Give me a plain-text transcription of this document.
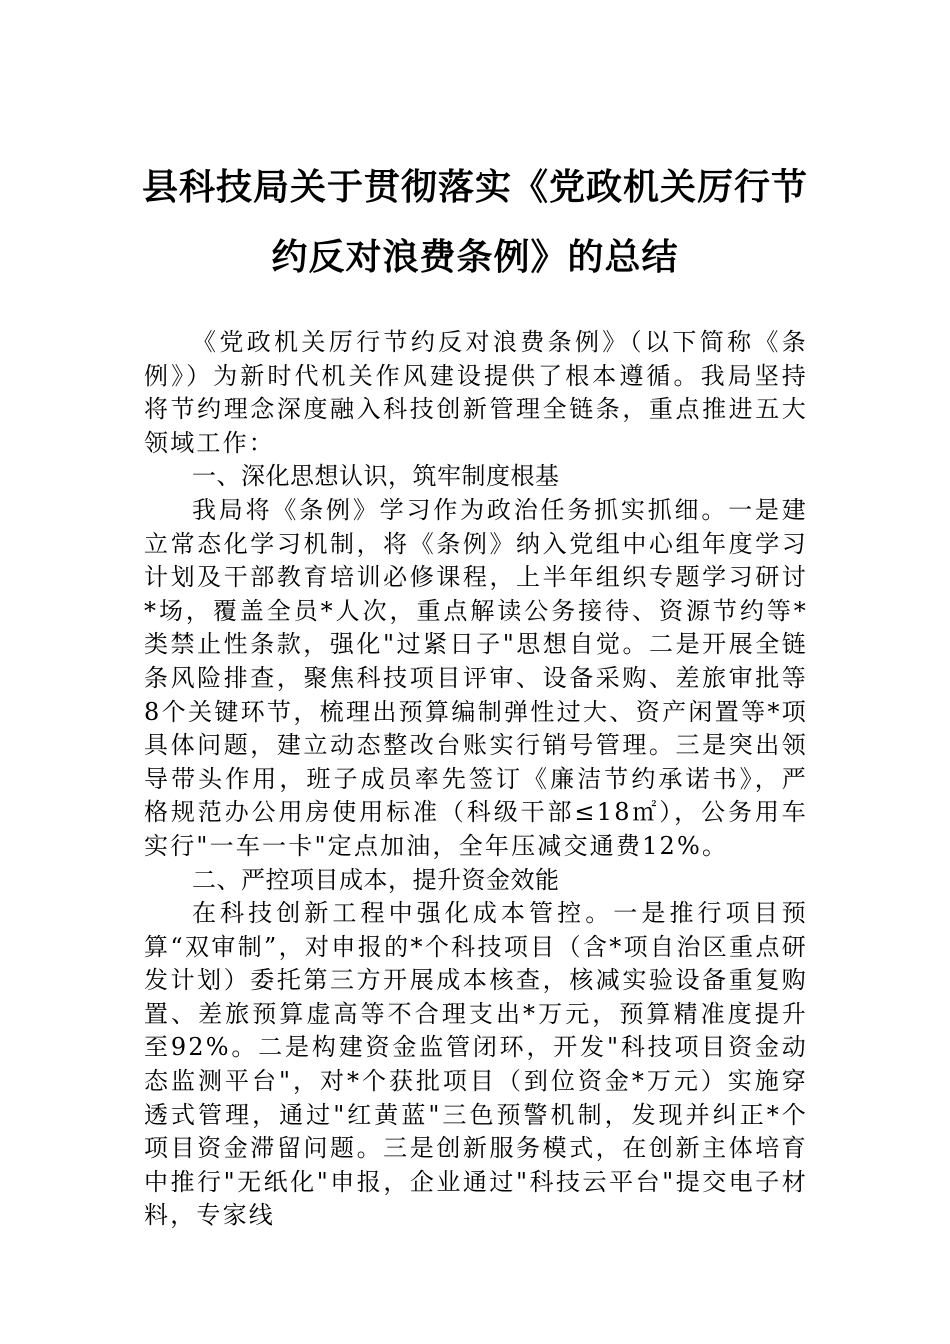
县科技局关于贯彻落实《党政机关厉行节
约反对浪费条例》的总结

《党政机关厉行节约反对浪费条例》（以下简称《条例》）为新时代机关作风建设提供了根本遵循。我局坚持将节约理念深度融入科技创新管理全链条，重点推进五大领域工作：

一、深化思想认识，筑牢制度根基

我局将《条例》学习作为政治任务抓实抓细。一是建立常态化学习机制，将《条例》纳入党组中心组年度学习计划及干部教育培训必修课程，上半年组织专题学习研讨*场，覆盖全员*人次，重点解读公务接待、资源节约等*类禁止性条款，强化"过紧日子"思想自觉。二是开展全链条风险排查，聚焦科技项目评审、设备采购、差旅审批等8个关键环节，梳理出预算编制弹性过大、资产闲置等*项具体问题，建立动态整改台账实行销号管理。三是突出领导带头作用，班子成员率先签订《廉洁节约承诺书》，严格规范办公用房使用标准（科级干部≤18㎡），公务用车实行"一车一卡"定点加油，全年压减交通费12%。

二、严控项目成本，提升资金效能

在科技创新工程中强化成本管控。一是推行项目预算“双审制”，对申报的*个科技项目（含*项自治区重点研发计划）委托第三方开展成本核查，核减实验设备重复购置、差旅预算虚高等不合理支出*万元，预算精准度提升至92%。二是构建资金监管闭环，开发"科技项目资金动态监测平台"，对*个获批项目（到位资金*万元）实施穿透式管理，通过"红黄蓝"三色预警机制，发现并纠正*个项目资金滞留问题。三是创新服务模式，在创新主体培育中推行"无纸化"申报，企业通过"科技云平台"提交电子材料，专家线
